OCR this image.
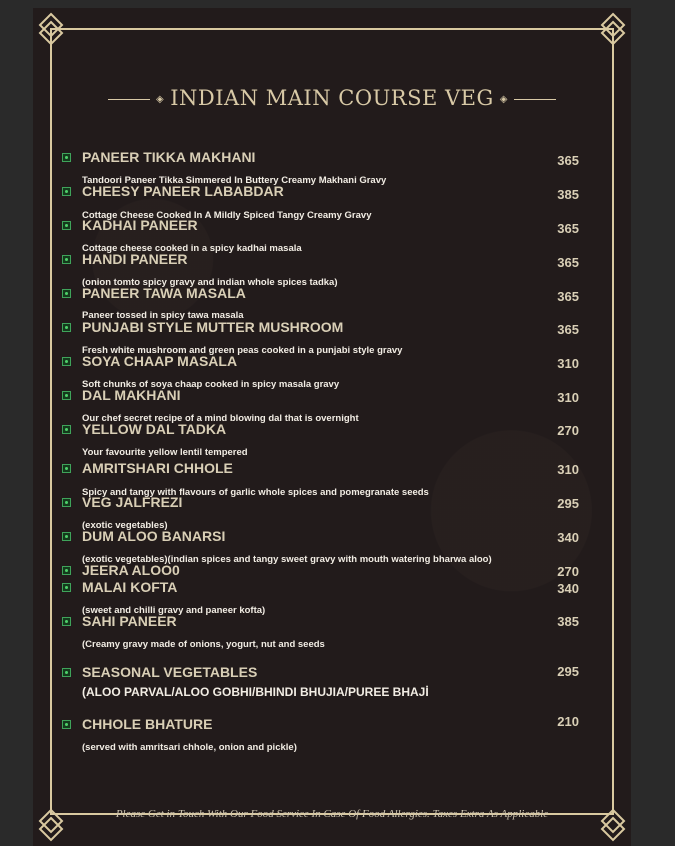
◈ INDIAN MAIN COURSE VEG ◈
PANEER TIKKA MAKHANI
Tandoori Paneer Tikka Simmered In Buttery Creamy Makhani Gravy
365
CHEESY PANEER LABABDAR
Cottage Cheese Cooked In A Mildly Spiced Tangy Creamy Gravy
385
KADHAI PANEER
Cottage cheese cooked in a spicy kadhai masala
365
HANDI PANEER
(onion tomto spicy gravy and indian whole spices tadka)
365
PANEER TAWA MASALA
Paneer tossed in spicy tawa masala
365
PUNJABI STYLE MUTTER MUSHROOM
Fresh white mushroom and green peas cooked in a punjabi style gravy
365
SOYA CHAAP MASALA
Soft chunks of soya chaap cooked in spicy masala gravy
310
DAL MAKHANI
Our chef secret recipe of a mind blowing dal that is overnight
310
YELLOW DAL TADKA
Your favourite yellow lentil tempered
270
AMRITSHARI CHHOLE
Spicy and tangy with flavours of garlic whole spices and pomegranate seeds
310
VEG JALFREZI
(exotic vegetables)
295
DUM ALOO BANARSI
(exotic vegetables)(indian spices and tangy sweet gravy with mouth watering bharwa aloo)
340
JEERA ALOO0	270
MALAI KOFTA
(sweet and chilli gravy and paneer kofta)
340
SAHI PANEER
(Creamy gravy made of onions, yogurt, nut and seeds
385
SEASONAL VEGETABLES
(ALOO PARVAL/ALOO GOBHI/BHINDI BHUJIA/PUREE BHAJİ
295
CHHOLE BHATURE
(served with amritsari chhole, onion and pickle)
210
Please Get in Touch With Our Food Service In Case Of Food Allergies. Taxes Extra As Applicable
